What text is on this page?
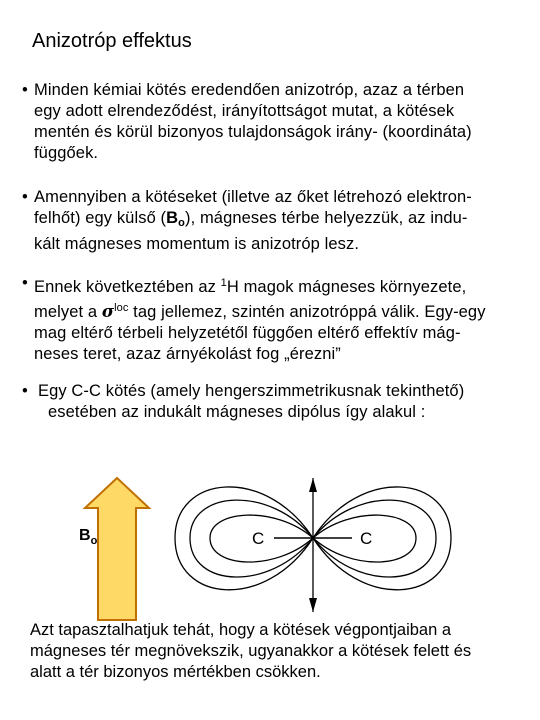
Anizotróp effektus
• Minden kémiai kötés eredendően anizotróp, azaz a térben
egy adott elrendeződést, irányítottságot mutat, a kötések
mentén és körül bizonyos tulajdonságok irány- (koordináta)
függőek.
• Amennyiben a kötéseket (illetve az őket létrehozó elektron-
felhőt) egy külső $(B_o)$, mágneses térbe helyezzük, az indu-
kált mágneses momentum is anizotróp lesz.
• Ennek következtében az $^1$H magok mágneses környezete,
melyet a $\sigma^{loc}$ tag jellemez, szintén anizotróppá válik. Egy-egy
mag eltérő térbeli helyzetétől függően eltérő effektív mág-
neses teret, azaz árnyékolást fog „érezni”
• Egy C-C kötés (amely hengerszimmetrikusnak tekinthető)
esetében az indukált mágneses dipólus így alakul :
$B_o$	C	C
Azt tapasztalhatjuk tehát, hogy a kötések végpontjaiban a
mágneses tér megnövekszik, ugyanakkor a kötések felett és
alatt a tér bizonyos mértékben csökken.
